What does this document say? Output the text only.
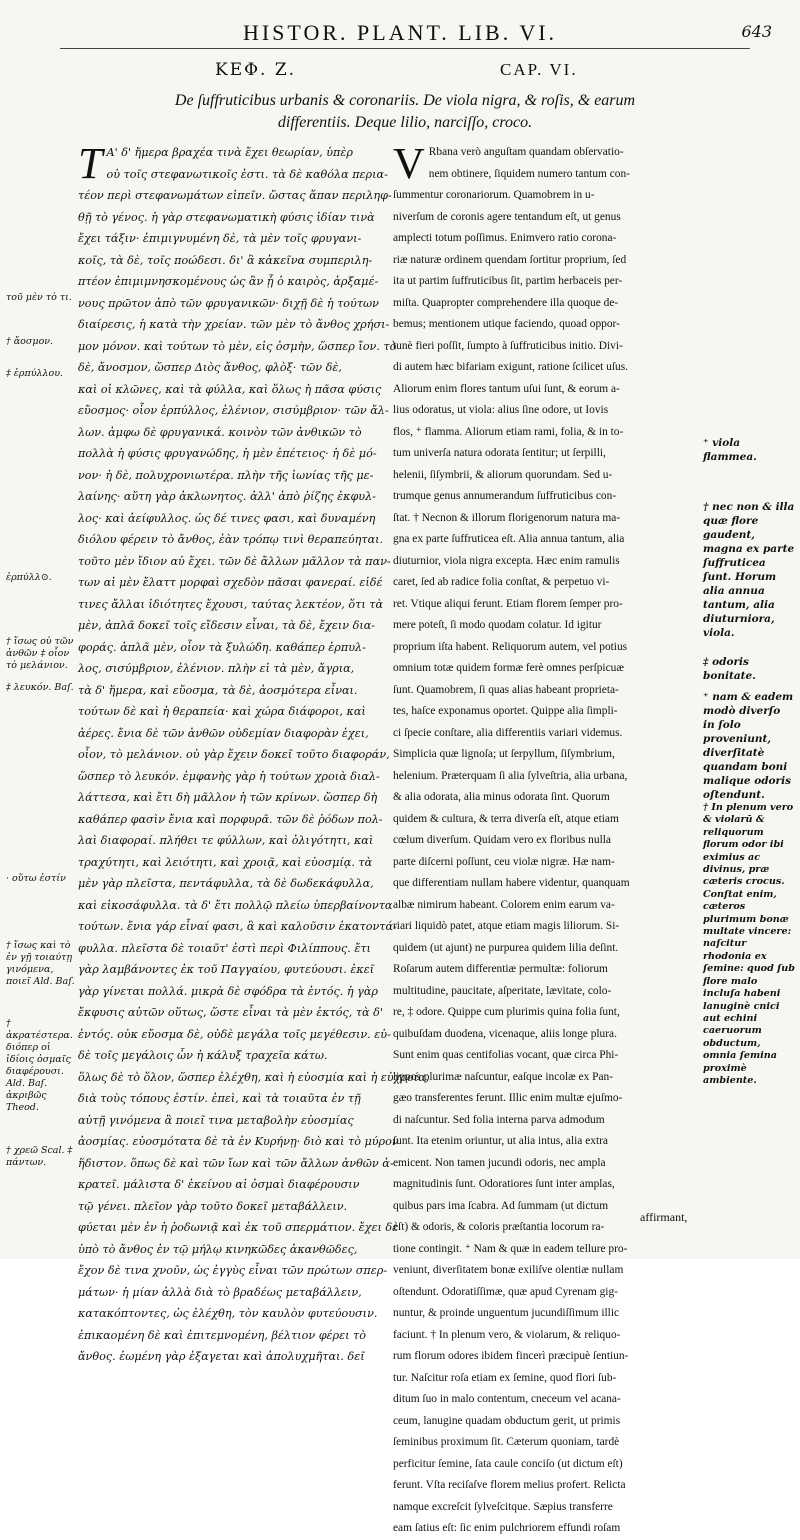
HISTOR. PLANT. LIB. VI.	643
ΚΕΦ. Ζ.	CAP. VI.
De ſuffruticibus urbanis & coronariis. De viola nigra, & roſis, & earum
differentiis. Deque lilio, narciſſo, croco.
Τ Α' δ' ἤμερα βραχέα τινὰ ἔχει θεωρίαν, ὑπὲρ
οὐ τοῖς στεφανωτικοῖς ἐστι. τὰ δὲ καθόλα περια-
τέον περὶ στεφανωμάτων εἰπεῖν. ὥστας ἅπαν περιληφ-
θῇ τὸ γένος. ἡ γὰρ στεφανωματικὴ φύσις ἰδίαν τινὰ
ἔχει τάξιν· ἐπιμιγνυμένη δὲ, τὰ μὲν τοῖς φρυγανι-
κοῖς, τὰ δὲ, τοῖς ποώδεσι. δι' ἃ κἀκεῖνα συμπεριλη-
πτέον ἐπιμιμνησκομένους ὡς ἂν ᾖ ὁ καιρὸς, ἀρξαμέ-
νους πρῶτον ἀπὸ τῶν φρυγανικῶν· διχῇ δὲ ἡ τούτων
διαίρεσις, ἡ κατὰ τὴν χρείαν. τῶν μὲν τὸ ἄνθος χρήσι-
μον μόνον. καὶ τούτων τὸ μὲν, εἰς ὀσμὴν, ὥσπερ ἴον. τὸ
δὲ, ἄνοσμον, ὥσπερ Διὸς ἄνθος, φλὸξ· τῶν δὲ,
καὶ οἱ κλῶνες, καὶ τὰ φύλλα, καὶ ὅλως ἡ πᾶσα φύσις
εὔοσμος· οἷον ἑρπύλλος, ἑλένιον, σισύμβριον· τῶν ἄλ-
λων. ἀμφω δὲ φρυγανικά. κοινὸν τῶν ἀνθικῶν τὸ
πολλὰ ἡ φύσις φρυγανώδης, ἡ μὲν ἐπέτειος· ἡ δὲ μό-
νον· ἡ δὲ, πολυχρονιωτέρα. πλὴν τῆς ἰωνίας τῆς με-
λαίνης· αὕτη γὰρ ἀκλωνητος. ἀλλ' ἀπὸ ῥίζης ἐκφυλ-
λος· καὶ ἀείφυλλος. ὡς δέ τινες φασι, καὶ δυναμένη
διόλου φέρειν τὸ ἄνθος, ἐὰν τρόπῳ τινὶ θεραπεύηται.
τοῦτο μὲν ἴδιον αὐ ἔχει. τῶν δὲ ἄλλων μᾶλλον τὰ παν-
των αἱ μὲν ἔλαττ μορφαὶ σχεδὸν πᾶσαι φανεραί. εἰδέ
τινες ἄλλαι ἰδιότητες ἔχουσι, ταύτας λεκτέον, ὅτι τὰ
μὲν, ἁπλᾶ δοκεῖ τοῖς εἴδεσιν εἶναι, τὰ δὲ, ἔχειν δια-
φοράς. ἁπλᾶ μὲν, οἷον τὰ ξυλώδη. καθάπερ ἑρπυλ-
λος, σισύμβριον, ἑλένιον. πλὴν εἰ τὰ μὲν, ἄγρια,
τὰ δ' ἥμερα, καὶ εὔοσμα, τὰ δὲ, ἀοσμότερα εἶναι.
τούτων δὲ καὶ ἡ θεραπεία· καὶ χώρα διάφοροι, καὶ
ἀέρες. ἔνια δὲ τῶν ἀνθῶν οὐδεμίαν διαφορὰν ἐχει,
οἷον, τὸ μελάνιον. οὐ γὰρ ἔχειν δοκεῖ τοῦτο διαφοράν,
ὥσπερ τὸ λευκόν. ἐμφανὴς γὰρ ἡ τούτων χροιὰ διαλ-
λάττεσα, καὶ ἔτι δὴ μᾶλλον ἡ τῶν κρίνων. ὥσπερ δὴ
καθάπερ φασὶν ἔνια καὶ πορφυρᾶ. τῶν δὲ ῥόδων πολ-
λαὶ διαφοραί. πλήθει τε φύλλων, καὶ ὀλιγότητι, καὶ
τραχύτητι, καὶ λειότητι, καὶ χροιᾷ, καὶ εὐοσμίᾳ. τὰ
μὲν γὰρ πλεῖστα, πεντάφυλλα, τὰ δὲ δωδεκάφυλλα,
καὶ εἰκοσάφυλλα. τὰ δ' ἔτι πολλῷ πλείω ὑπερβαίνοντα
τούτων. ἔνια γάρ εἶναί φασι, ἃ καὶ καλοῦσιν ἑκατοντά-
φυλλα. πλεῖστα δὲ τοιαῦτ' ἐστὶ περὶ Φιλίππους. ἔτι
γὰρ λαμβάνοντες ἐκ τοῦ Παγγαίου, φυτεύουσι. ἐκεῖ
γὰρ γίνεται πολλά. μικρὰ δὲ σφόδρα τὰ ἐντός. ἡ γὰρ
ἔκφυσις αὐτῶν οὕτως, ὥστε εἶναι τὰ μὲν ἐκτός, τὰ δ'
ἐντός. οὐκ εὔοσμα δὲ, οὐδὲ μεγάλα τοῖς μεγέθεσιν. εὐ-
δὲ τοῖς μεγάλοις ὧν ἡ κάλυξ τραχεῖα κάτω.
ὅλως δὲ τὸ ὅλον, ὥσπερ ἐλέχθη, καὶ ἡ εὐοσμία καὶ ἡ εὐχροία,
διὰ τοὺς τόπους ἐστίν. ἐπεὶ, καὶ τὰ τοιαῦτα ἐν τῇ
αὐτῇ γινόμενα ἃ ποιεῖ τινα μεταβολὴν εὐοσμίας
ἀοσμίας. εὐοσμότατα δὲ τὰ ἐν Κυρήνῃ· διὸ καὶ τὸ μύρον
ἥδιστον. ὅπως δὲ καὶ τῶν ἴων καὶ τῶν ἄλλων ἀνθῶν ἀ-
κρατεῖ. μάλιστα δ' ἐκείνου αἱ ὀσμαὶ διαφέρουσιν
τῷ γένει. πλεῖον γὰρ τοῦτο δοκεῖ μεταβάλλειν.
φύεται μὲν ἐν ἡ ῥοδωνιᾷ καὶ ἐκ τοῦ σπερμάτιον. ἔχει δὲ
ὑπὸ τὸ ἄνθος ἐν τῷ μήλῳ κινηκῶδες ἀκανθῶδες,
ἔχον δὲ τινα χνοῦν, ὡς ἐγγὺς εἶναι τῶν πρώτων σπερ-
μάτων· ἡ μίαν ἀλλὰ διὰ τὸ βραδέως μεταβάλλειν,
κατακόπτοντες, ὡς ἐλέχθη, τὸν καυλὸν φυτεύουσιν.
ἐπικαομένη δὲ καὶ ἐπιτεμνομένη, βέλτιον φέρει τὸ
ἄνθος. ἐωμένη γὰρ ἐξαγεται καὶ ἀπολυχμῆται. δεῖ
V Rbana verò anguſtam quandam obſervatio-
nem obtinere, ſiquidem numero tantum con-
ſummentur coronariorum. Quamobrem in u-
niverſum de coronis agere tentandum eſt, ut genus
amplecti totum poſſimus. Enimvero ratio corona-
riæ naturæ ordinem quendam ſortitur proprium, ſed
ita ut partim ſuffruticibus ſit, partim herbaceis per-
miſta. Quapropter comprehendere illa quoque de-
bemus; mentionem utique faciendo, quoad oppor-
tunè fieri poſſit, ſumpto à ſuffruticibus initio. Divi-
di autem hæc bifariam exigunt, ratione ſcilicet uſus.
Aliorum enim flores tantum uſui ſunt, & eorum a-
lius odoratus, ut viola: alius ſine odore, ut Iovis
flos, ⁺ flamma. Aliorum etiam rami, folia, & in to-
tum univerſa natura odorata ſentitur; ut ſerpilli,
helenii, ſiſymbrii, & aliorum quorundam. Sed u-
trumque genus annumerandum ſuffruticibus con-
ſtat. † Necnon & illorum florigenorum natura ma-
gna ex parte ſuffruticea eſt. Alia annua tantum, alia
diuturnior, viola nigra excepta. Hæc enim ramulis
caret, ſed ab radice folia conſtat, & perpetuo vi-
ret. Vtique aliqui ferunt. Etiam florem ſemper pro-
mere poteſt, ſi modo quodam colatur. Id igitur
proprium iſta habent. Reliquorum autem, vel potius
omnium totæ quidem formæ ferè omnes perſpicuæ
ſunt. Quamobrem, ſi quas alias habeant proprieta-
tes, haſce exponamus oportet. Quippe alia ſimpli-
ci ſpecie conſtare, alia differentiis variari videmus.
Simplicia quæ lignoſa; ut ſerpyllum, ſiſymbrium,
helenium. Præterquam ſi alia ſylveſtria, alia urbana,
& alia odorata, alia minus odorata ſint. Quorum
quidem & cultura, & terra diverſa eſt, atque etiam
cœlum diverſum. Quidam vero ex floribus nulla
parte diſcerni poſſunt, ceu violæ nigræ. Hæ nam-
que differentiam nullam habere videntur, quanquam
albæ nimirum habeant. Colorem enim earum va-
riari liquidò patet, atque etiam magis liliorum. Si-
quidem (ut ajunt) ne purpurea quidem lilia deſint.
Roſarum autem differentiæ permultæ: foliorum
multitudine, paucitate, aſperitate, lævitate, colo-
re, ‡ odore. Quippe cum plurimis quina folia ſunt,
quibuſdam duodena, vicenaque, aliis longe plura.
Sunt enim quas centifolias vocant, quæ circa Phi-
lippos plurimæ naſcuntur, eaſque incolæ ex Pan-
gæo transferentes ferunt. Illic enim multæ ejuſmo-
di naſcuntur. Sed folia interna parva admodum
ſunt. Ita etenim oriuntur, ut alia intus, alia extra
emicent. Non tamen jucundi odoris, nec ampla
magnitudinis ſunt. Odoratiores ſunt inter amplas,
quibus pars ima ſcabra. Ad ſummam (ut dictum
eſt) & odoris, & coloris præſtantia locorum ra-
tione contingit. ⁺ Nam & quæ in eadem tellure pro-
veniunt, diverſitatem bonæ exiliſve olentiæ nullam
oſtendunt. Odoratiſſimæ, quæ apud Cyrenam gig-
nuntur, & proinde unguentum jucundiſſimum illic
faciunt. † In plenum vero, & violarum, & reliquo-
rum florum odores ibidem fincerì præcipuè ſentiun-
tur. Naſcitur roſa etiam ex ſemine, quod flori ſub-
ditum ſuo in malo contentum, cneceum vel acana-
ceum, lanugine quadam obductum gerit, ut primis
ſeminibus proximum ſit. Cæterum quoniam, tardè
perficitur ſemine, ſata caule conciſo (ut dictum eſt)
ferunt. Vſta reciſaſve florem melius profert. Relicta
namque excreſcit ſylveſcitque. Sæpius transferre
eam ſatius eſt: ſic enim pulchriorem effundi roſam
τοῦ μὲν τὸ τι.
† ἄοσμον.
‡ ἑρπύλλου.
ἑρπύλλ⊙.
† ἴσως οὐ τῶν ἀνθῶν ‡ οἷον τὸ μελάνιον.
‡ λευκόν. Baſ.
· οὕτω ἐστίν
† ἴσως καὶ τὸ ἐν γῇ τοιαύτῃ γινόμενα, ποιεῖ Ald. Baſ.
† ἀκρατέστερα. διόπερ οἱ ἰδίοις ὀσμαῖς διαφέρουσι. Ald. Baſ. ἀκριβῶς Theod.
† χρεῶ Scal. ‡ πάντων.
⁺ viola flammea.
† nec non & illa quæ flore gaudent, magna ex parte ſuffruticea ſunt. Horum alia annua tantum, alia diuturniora, viola.
‡ odoris bonitate.
⁺ nam & eadem modò diverſo in ſolo proveniunt, diverſitatè quandam boni malique odoris oſtendunt.
† In plenum vero & violarū & reliquorum florum odor ibi eximius ac divinus, præ cæteris crocus. Conſtat enim, cæteros plurimum bonæ multate vincere: naſcitur rhodonia ex ſemine: quod ſub flore malo incluſa habeni lanuginè cnici aut echini caeruorum obductum, omnia ſemina proximè ambiente.
affirmant,
